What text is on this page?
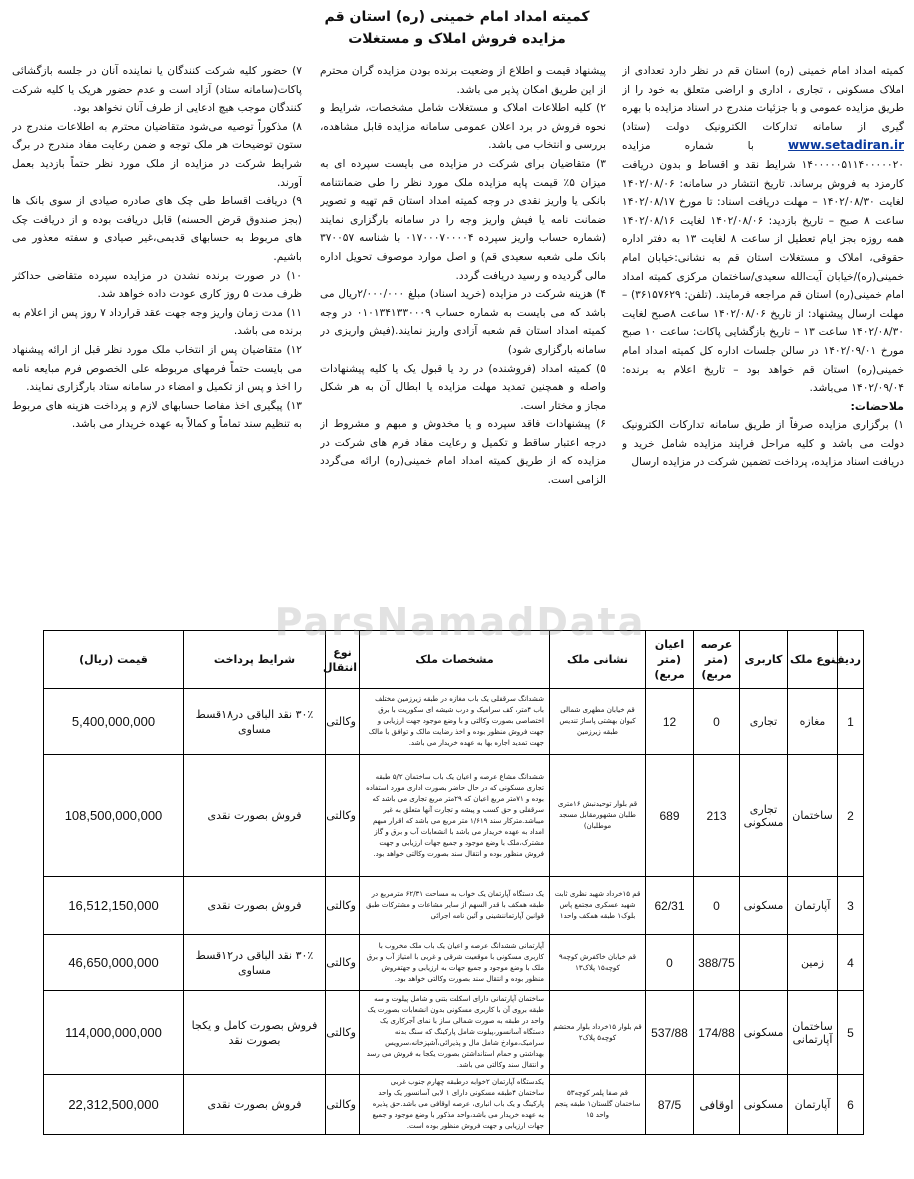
کمیته امداد امام خمینی (ره) استان قم
مزایده فروش املاک و مستغلات

کمیته امداد امام خمینی (ره) استان قم در نظر دارد تعدادی از املاک مسکونی ، تجاری ، اداری و اراضی متعلق به خود را از طریق مزایده عمومی و با جزئیات مندرج در اسناد مزایده با بهره گیری از سامانه تدارکات الکترونیک دولت (ستاد) www.setadiran.ir با شماره مزایده ۱۴۰۰۰۰۰۵۱۱۴۰۰۰۰۰۲۰ شرایط نقد و اقساط و بدون دریافت کارمزد به فروش برساند. تاریخ انتشار در سامانه: ۱۴۰۲/۰۸/۰۶ لغایت ۱۴۰۲/۰۸/۳۰ – مهلت دریافت اسناد: تا مورخ ۱۴۰۲/۰۸/۱۷ ساعت ۸ صبح – تاریخ بازدید: ۱۴۰۲/۰۸/۰۶ لغایت ۱۴۰۲/۰۸/۱۶ همه روزه بجز ایام تعطیل از ساعت ۸ لغایت ۱۳ به دفتر اداره حقوقی، املاک و مستغلات استان قم به نشانی:خیابان امام خمینی(ره)/خیابان آیت‌الله سعیدی/ساختمان مرکزی کمیته امداد امام خمینی(ره) استان قم مراجعه فرمایند. (تلفن: ۳۶۱۵۷۶۲۹) – مهلت ارسال پیشنهاد: از تاریخ ۱۴۰۲/۰۸/۰۶ ساعت ۸صبح لغایت ۱۴۰۲/۰۸/۳۰ ساعت ۱۳ – تاریخ بازگشایی پاکات: ساعت ۱۰ صبح مورخ ۱۴۰۲/۰۹/۰۱ در سالن جلسات اداره کل کمیته امداد امام خمینی(ره) استان قم خواهد بود – تاریخ اعلام به برنده: ۱۴۰۲/۰۹/۰۴ می‌باشد.

ملاحضات:

۱) برگزاری مزایده صرفاً از طریق سامانه تدارکات الکترونیک دولت می باشد و کلیه مراحل فرایند مزایده شامل خرید و دریافت اسناد مزایده، پرداخت تضمین شرکت در مزایده ارسال

پیشنهاد قیمت و اطلاع از وضعیت برنده بودن مزایده گران محترم از این طریق امکان پذیر می باشد.

۲) کلیه اطلاعات املاک و مستغلات شامل مشخصات، شرایط و نحوه فروش در برد اعلان عمومی سامانه مزایده قابل مشاهده، بررسی و انتخاب می باشد.

۳) متقاضیان برای شرکت در مزایده می بایست سپرده ای به میزان ۵٪ قیمت پایه مزایده ملک مورد نظر را طی ضمانتنامه بانکی یا واریز نقدی در وجه کمیته امداد استان قم تهیه و تصویر ضمانت نامه یا فیش واریز وجه را در سامانه بارگزاری نمایند (شماره حساب واریز سپرده ۰۱۷۰۰۰۷۰۰۰۰۴ با شناسه ۳۷۰۰۵۷ بانک ملی شعبه سعیدی قم) و اصل موارد موصوف تحویل اداره مالی گردیده و رسید دریافت گردد.

۴) هزینه شرکت در مزایده (خرید اسناد) مبلغ ۲/۰۰۰/۰۰۰ریال می باشد که می بایست به شماره حساب ۰۱۰۱۳۴۱۳۳۰۰۰۹ در وجه کمیته امداد استان قم شعبه آزادی واریز نمایند.(فیش واریزی در سامانه بارگزاری شود)

۵) کمیته امداد (فروشنده) در رد یا قبول یک یا کلیه پیشنهادات واصله و همچنین تمدید مهلت مزایده یا ابطال آن به هر شکل مجاز و مختار است.

۶) پیشنهادات فاقد سپرده و یا مخدوش و مبهم و مشروط از درجه اعتبار ساقط و تکمیل و رعایت مفاد فرم های شرکت در مزایده که از طریق کمیته امداد امام خمینی(ره) ارائه می‌گردد الزامی است.

۷) حضور کلیه شرکت کنندگان یا نماینده آنان در جلسه بازگشائی پاکات(سامانه ستاد) آزاد است و عدم حضور هریک یا کلیه شرکت کنندگان موجب هیچ ادعایی از طرف آنان نخواهد بود.

۸) مذکوراً توصیه می‌شود متقاضیان محترم به اطلاعات مندرج در ستون توضیحات هر ملک توجه و ضمن رعایت مفاد مندرج در برگ شرایط شرکت در مزایده از ملک مورد نظر حتماً بازدید بعمل آورند.

۹) دریافت اقساط طی چک های صادره صیادی از سوی بانک ها (بجز صندوق قرض الحسنه) قابل دریافت بوده و از دریافت چک های مربوط به حسابهای قدیمی،غیر صیادی و سفته معذور می باشیم.

۱۰) در صورت برنده نشدن در مزایده سپرده متقاضی حداکثر ظرف مدت ۵ روز کاری عودت داده خواهد شد.

۱۱) مدت زمان واریز وجه جهت عقد قرارداد ۷ روز پس از اعلام به برنده می باشد.

۱۲) متقاضیان پس از انتخاب ملک مورد نظر قبل از ارائه پیشنهاد می بایست حتماً فرمهای مربوطه علی الخصوص فرم مبایعه نامه را اخذ و پس از تکمیل و امضاء در سامانه ستاد بارگزاری نمایند.

۱۳) پیگیری اخذ مفاصا حسابهای لازم و پرداخت هزینه های مربوط به تنظیم سند تماماً و کمالاً به عهده خریدار می باشد.

ParsNamadData
ردیف	نوع ملک	کاربری	عرصه (متر مربع)	اعیان (متر مربع)	نشانی ملک	مشخصات ملک	نوع انتقال	شرایط پرداخت	قیمت (ریال)
1	مغازه	تجاری	0	12	قم خیابان مطهری شمالی کیوان بهشتی پاساژ تندیس طبقه زیرزمین	ششدانگ سرقفلی یک باب مغازه در طبقه زیرزمین مختلف باب ۴متر، کف سرامیک و درب شیشه ای سکوریت با برق اختصاصی بصورت وکالتی و با وضع موجود جهت ارزیابی و جهت فروش منظور بوده و اخذ رضایت مالک و توافق با مالک جهت تمدید اجاره بها به عهده خریدار می باشد.	وکالتی	۳۰٪ نقد الباقی در۱۸قسط مساوی	5,400,000,000
2	ساختمان	تجاری مسکونی	213	689	قم بلوار توحیدنبش ۱۶متری طلبان مشهورمقابل مسجد موطلبان)	ششدانگ مشاع عرصه و اعیان یک باب ساختمان ۵/۲ طبقه تجاری مسکونی که در حال حاضر بصورت اداری مورد استفاده بوده و ۷۱متر مربع اعیان که ۲۹متر مربع تجاری می باشد که سرقفلی و حق کسب و پیشه و تجارت آنها متعلق به غیر میباشد.مترکار سند ۱/۶۱۹ متر مربع می باشد که اقرار مبهم امداد به عهده خریدار می باشد با انشعابات آب و برق و گاز مشترک،ملک با وضع موجود و جمیع جهات ارزیابی و جهت فروش منظور بوده و انتقال سند بصورت وکالتی خواهد بود.	وکالتی	فروش بصورت نقدی	108,500,000,000
3	آپارتمان	مسکونی	0	62/31	قم ۱۵خرداد شهید نظری ثابت شهید عسکری مجتمع پاس بلوک۱ طبقه همکف واحد۱	یک دستگاه آپارتمان یک خواب به مساحت ۶۲/۳۱ مترمربع در طبقه همکف با قدر السهم از سایر مشاعات و مشترکات طبق قوانین آپارتماننشینی و آئین نامه اجرائی	وکالتی	فروش بصورت نقدی	16,512,150,000
4	زمین		388/75	0	قم خیابان خاکفرش کوچه۹ کوچه۱۵ پلاک۱۳	آپارتمانی ششدانگ عرصه و اعیان یک باب ملک مخروب با کاربری مسکونی با موقعیت شرقی و غربی با امتیاز آب و برق ملک با وضع موجود و جمیع جهات به ارزیابی و جهتفروش منظور بوده و انتقال سند بصورت وکالتی خواهد بود.	وکالتی	۳۰٪ نقد الباقی در۱۲قسط مساوی	46,650,000,000
5	ساختمان آپارتمانی	مسکونی	174/88	537/88	قم بلوار ۱۵خرداد بلوار محتشم کوچه۵ پلاک۲	ساختمان آپارتمانی دارای اسکلت بتنی و شامل پیلوت و سه طبقه بروی آن با کاربری مسکونی بدون انشعابات بصورت یک واحد در طبقه به صورت شمالی ساز با نمای آجرکاری یک دستگاه آسانسور،پیلوت شامل پارکینگ که سنگ بدنه سرامیک،موادخ شامل مال و پذیرائی،آشپزخانه،سرویس بهداشتی و حمام استانداشتن بصورت یکجا به فروش می رسد و انتقال سند وکالتی می باشد.	وکالتی	فروش بصورت کامل و یکجا بصورت نقد	114,000,000,000
6	آپارتمان	مسکونی	اوقافی	87/5	قم صفا پلمر کوچه۵۳ ساختمان گلستان۱ طبقه پنجم واحد ۱۵	یکدستگاه آپارتمان ۲خوابه درطبقه چهارم جنوب غربی ساختمان ۴طبقه مسکونی دارای ۱ لابی آسانسور یک واحد پارکینگ و یک باب انباری، عرصه اوقافی می باشد.حق پذیره به عهده خریدار می باشد،واحد مذکور با وضع موجود و جمیع جهات ارزیابی و جهت فروش منظور بوده است.	وکالتی	فروش بصورت نقدی	22,312,500,000
